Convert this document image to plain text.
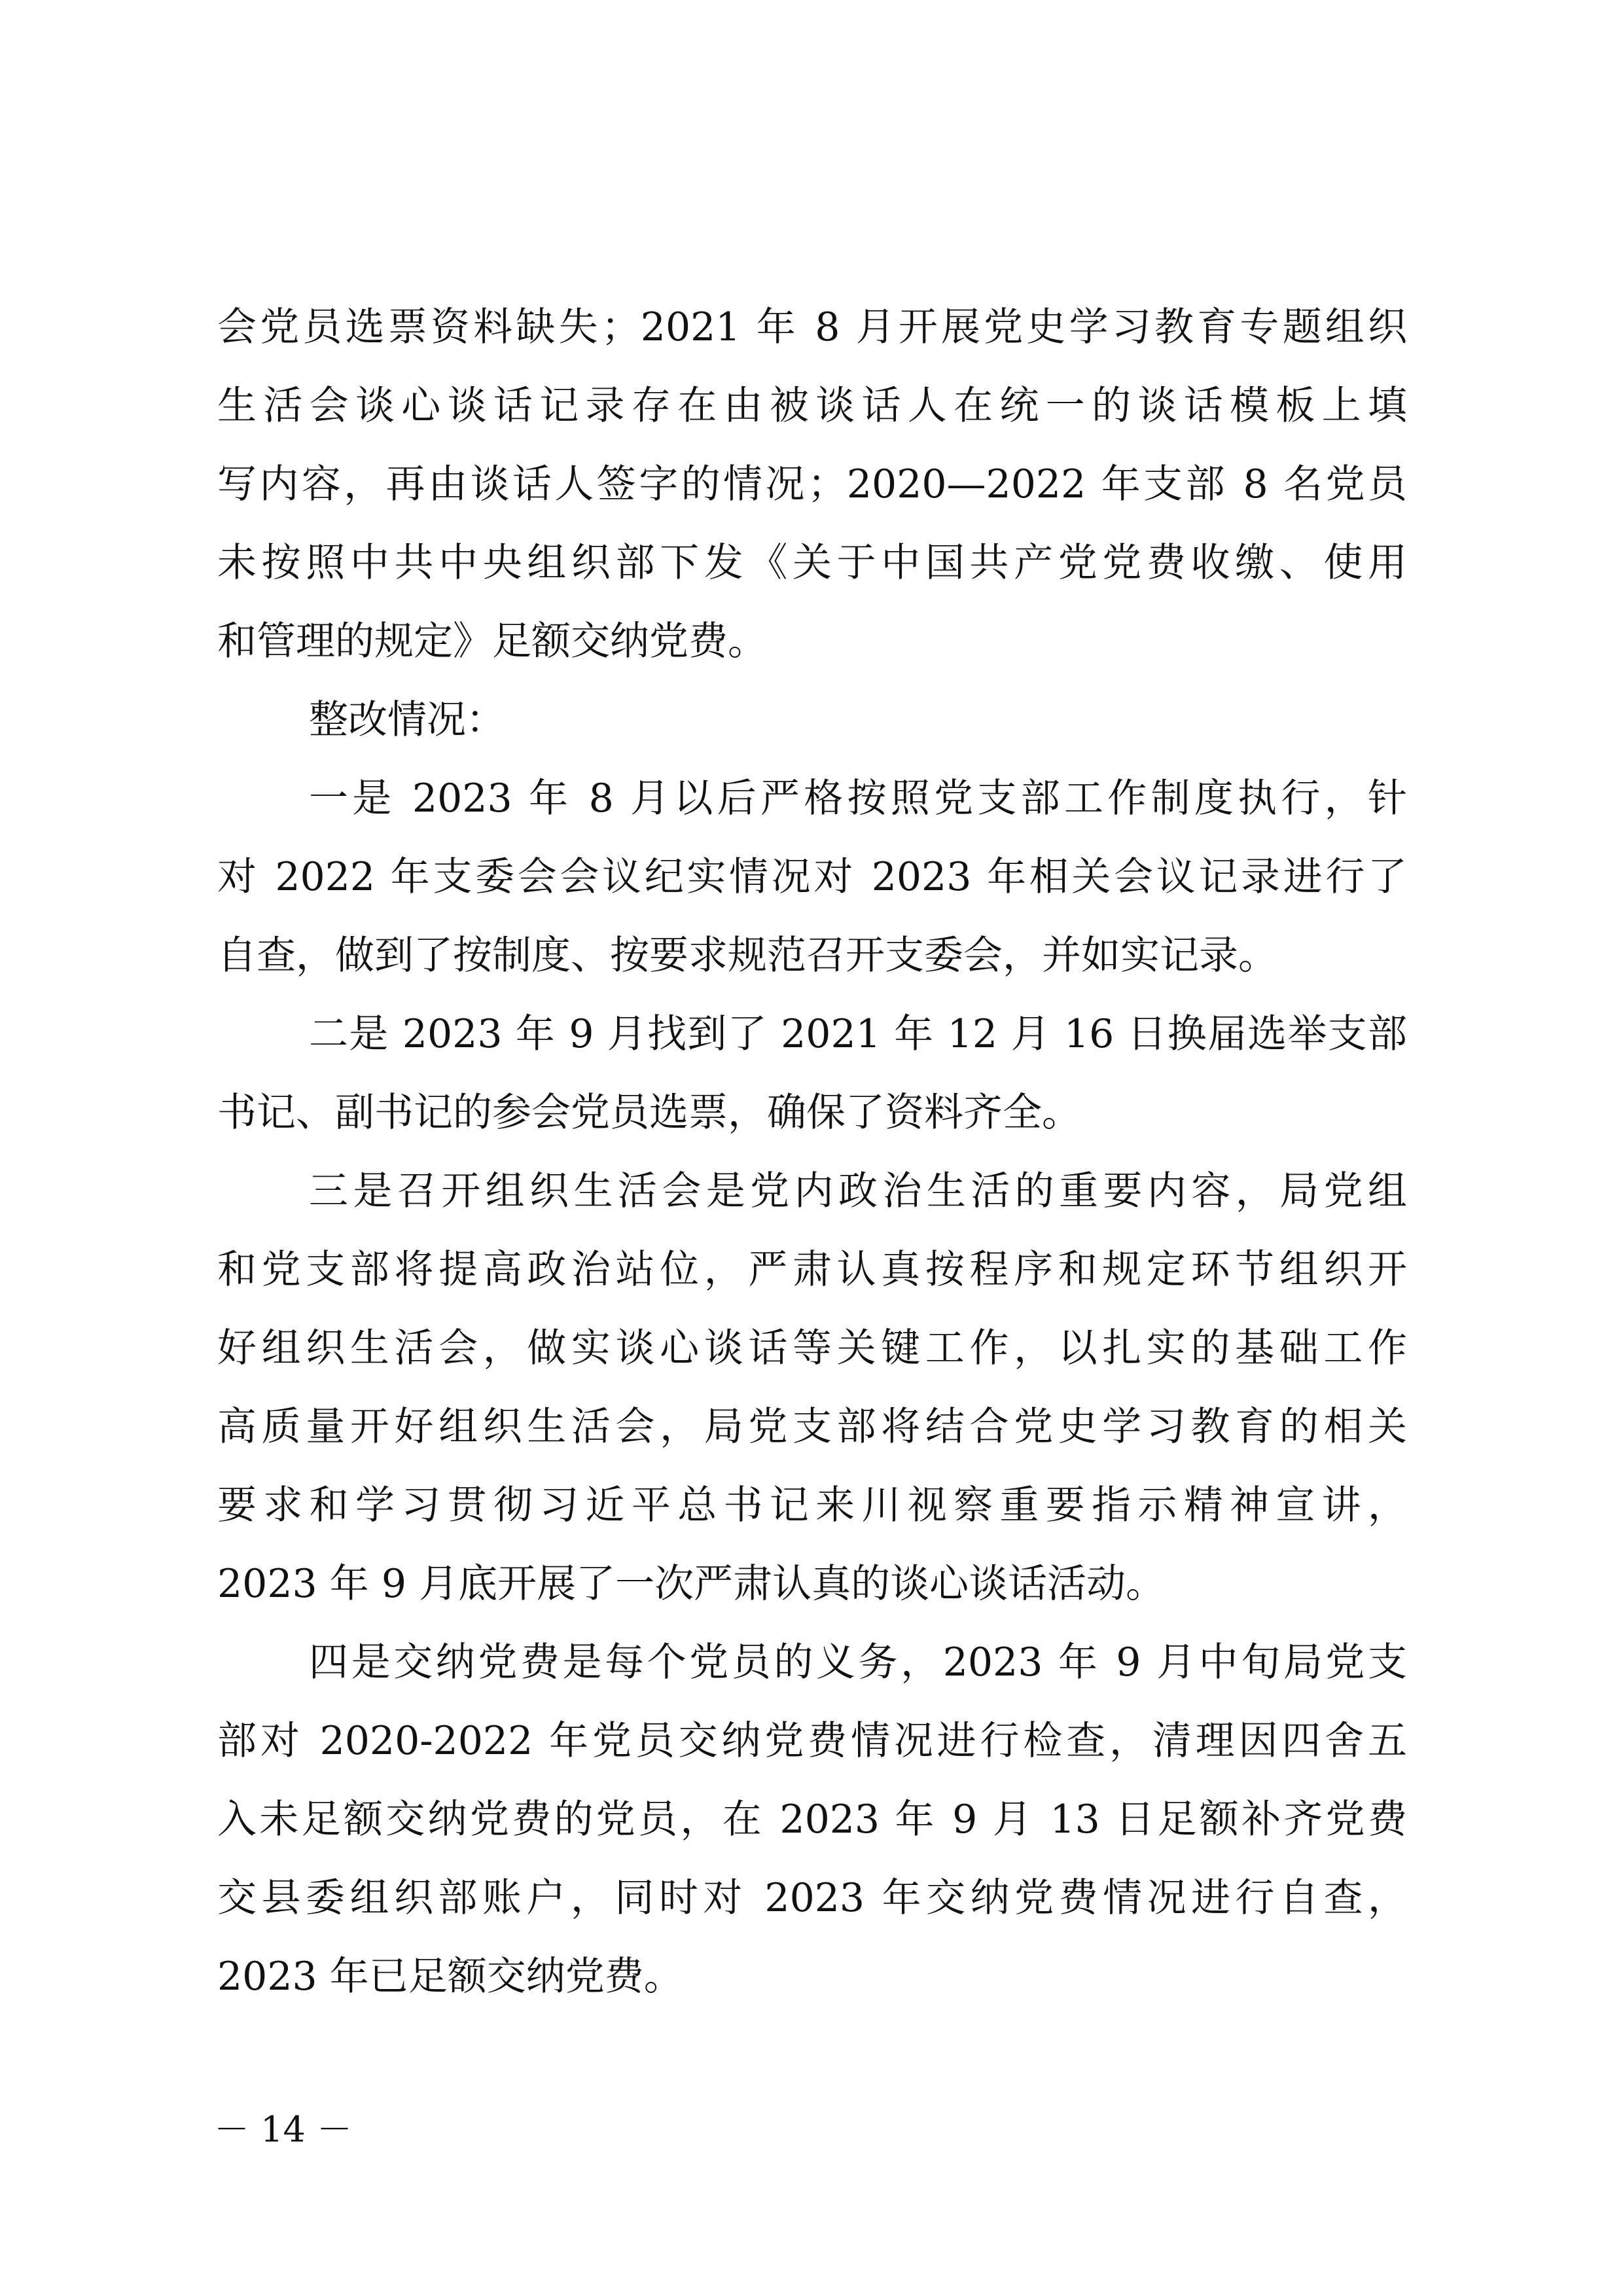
会党员选票资料缺失；2021 年 8 月开展党史学习教育专题组织
生活会谈心谈话记录存在由被谈话人在统一的谈话模板上填
写内容，再由谈话人签字的情况；2020—2022 年支部 8 名党员
未按照中共中央组织部下发《关于中国共产党党费收缴、使用
和管理的规定》足额交纳党费。
整改情况：
一是 2023 年 8 月以后严格按照党支部工作制度执行，针
对 2022 年支委会会议纪实情况对 2023 年相关会议记录进行了
自查，做到了按制度、按要求规范召开支委会，并如实记录。
二是 2023 年 9 月找到了 2021 年 12 月 16 日换届选举支部
书记、副书记的参会党员选票，确保了资料齐全。
三是召开组织生活会是党内政治生活的重要内容，局党组
和党支部将提高政治站位，严肃认真按程序和规定环节组织开
好组织生活会，做实谈心谈话等关键工作，以扎实的基础工作
高质量开好组织生活会，局党支部将结合党史学习教育的相关
要求和学习贯彻习近平总书记来川视察重要指示精神宣讲，
2023 年 9 月底开展了一次严肃认真的谈心谈话活动。
四是交纳党费是每个党员的义务，2023 年 9 月中旬局党支
部对 2020-2022 年党员交纳党费情况进行检查，清理因四舍五
入未足额交纳党费的党员，在 2023 年 9 月 13 日足额补齐党费
交县委组织部账户，同时对 2023 年交纳党费情况进行自查，
2023 年已足额交纳党费。
－ 14 －
